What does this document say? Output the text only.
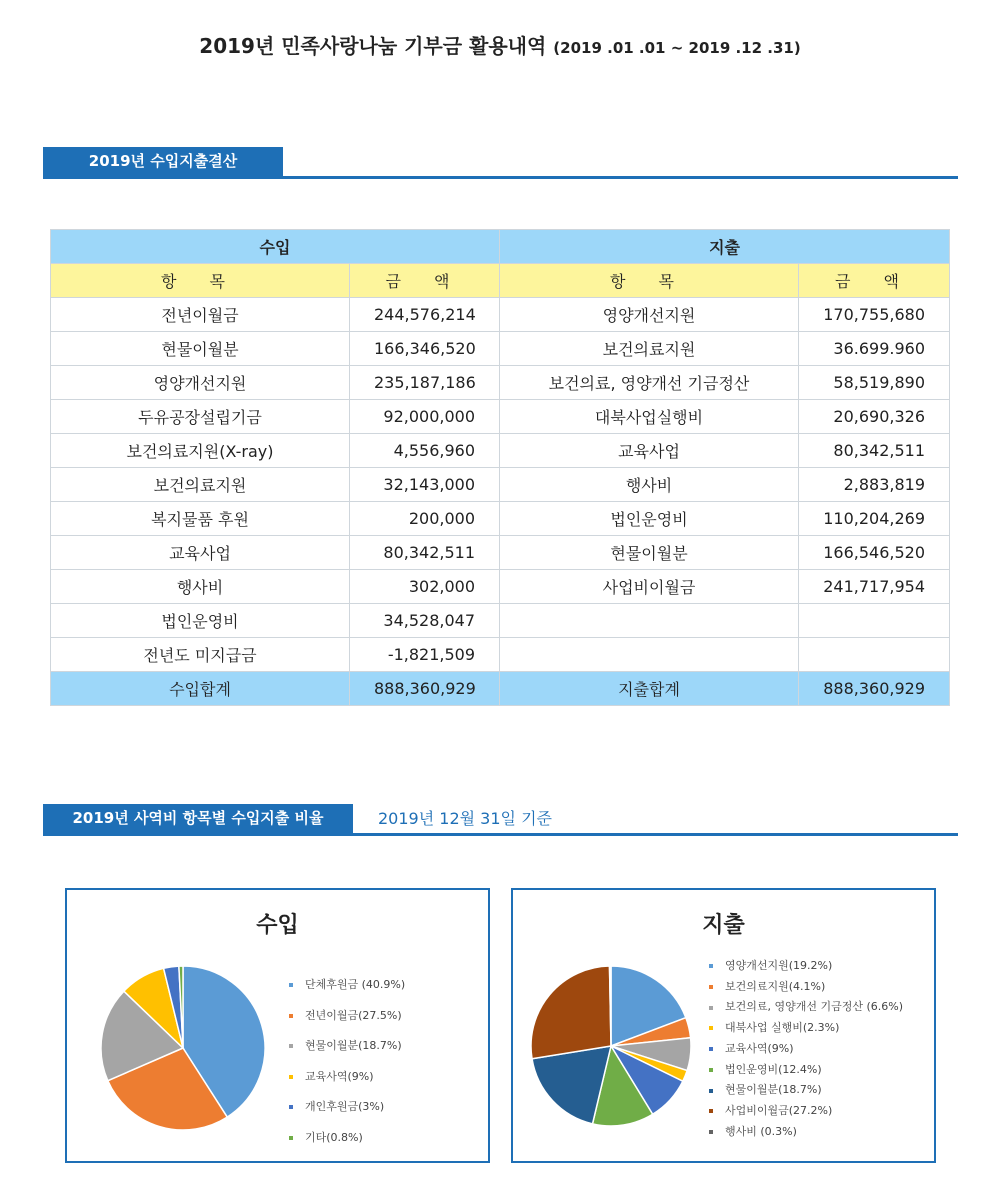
2019년 민족사랑나눔 기부금 활용내역 (2019 .01 .01 ~ 2019 .12 .31)
2019년 수입지출결산
수입		지출	
항 목	금 액	항 목	금 액
전년이월금	244,576,214	영양개선지원	170,755,680
현물이월분	166,346,520	보건의료지원	36.699.960
영양개선지원	235,187,186	보건의료, 영양개선 기금정산	58,519,890
두유공장설립기금	92,000,000	대북사업실행비	20,690,326
보건의료지원(X-ray)	4,556,960	교육사업	80,342,511
보건의료지원	32,143,000	행사비	2,883,819
복지물품 후원	200,000	법인운영비	110,204,269
교육사업	80,342,511	현물이월분	166,546,520
행사비	302,000	사업비이월금	241,717,954
법인운영비	34,528,047		
전년도 미지급금	-1,821,509		
수입합계	888,360,929	지출합계	888,360,929
2019년 사역비 항목별 수입지출 비율	2019년 12월 31일 기준
수입
단체후원금 (40.9%)
전년이월금(27.5%)
현물이월분(18.7%)
교육사역(9%)
개인후원금(3%)
기타(0.8%)
지출
영양개선지원(19.2%)
보건의료지원(4.1%)
보건의료, 영양개선 기금정산 (6.6%)
대북사업 실행비(2.3%)
교육사역(9%)
법인운영비(12.4%)
현물이월분(18.7%)
사업비이월금(27.2%)
행사비 (0.3%)
